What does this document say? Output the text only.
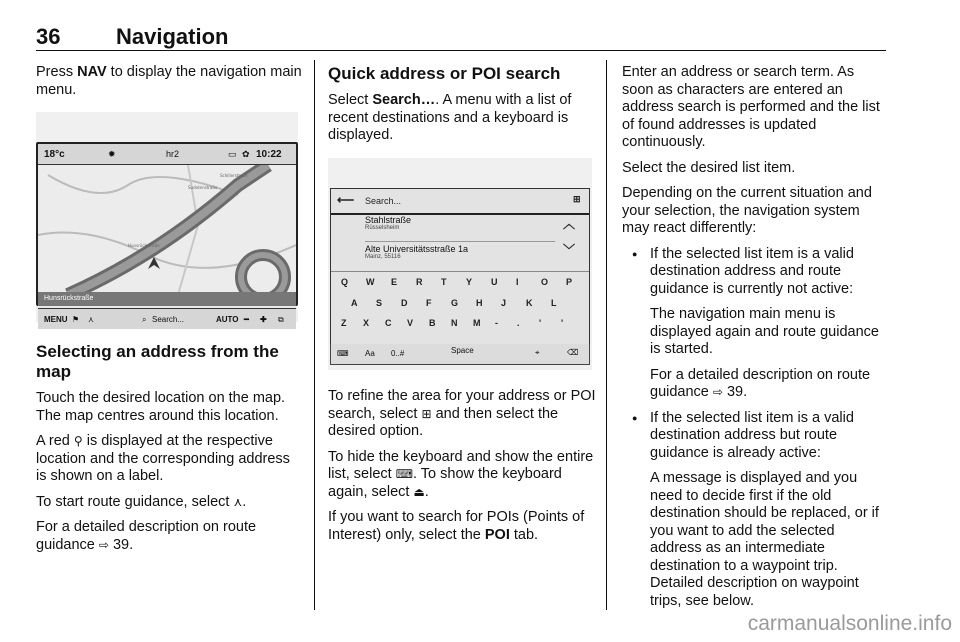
36	Navigation

Press NAV to display the navigation main menu.

18°c	✹	hr2	▭ ✿ 10:22
Schillerstraße
Sudetenstraße
Hunsrückstraße
Hunsrückstraße
MENU ⚑ ⋏	⌕ Search...	AUTO ━ ✚ ⧉
Selecting an address from the map

Touch the desired location on the map. The map centres around this location.

A red ⚲ is displayed at the respective location and the corresponding address is shown on a label.

To start route guidance, select ⋏.

For a detailed description on route guidance ⇨ 39.

Quick address or POI search

Select Search…. A menu with a list of recent destinations and a keyboard is displayed.

⟵ Search...	⊞
Stahlstraße
Rüsselsheim	︿
Alte Universitätsstraße 1a
Mainz, 55116	﹀
Q W E R T Y U I O P
A S D F G H J K L
Z X C V B N M - . ' '
⌨ Aa 0..#	Space	⌖	⌫

To refine the area for your address or POI search, select ⊞ and then select the desired option.

To hide the keyboard and show the entire list, select ⌨. To show the keyboard again, select ⏏.

If you want to search for POIs (Points of Interest) only, select the POI tab.

Enter an address or search term. As soon as characters are entered an address search is performed and the list of found addresses is updated continuously.

Select the desired list item.

Depending on the current situation and your selection, the navigation system may react differently:

● If the selected list item is a valid destination address and route guidance is currently not active:

The navigation main menu is displayed again and route guidance is started.

For a detailed description on route guidance ⇨ 39.

● If the selected list item is a valid destination address but route guidance is already active:

A message is displayed and you need to decide first if the old destination should be replaced, or if you want to add the selected address as an intermediate destination to a waypoint trip. Detailed description on waypoint trips, see below.

carmanualsonline.info
